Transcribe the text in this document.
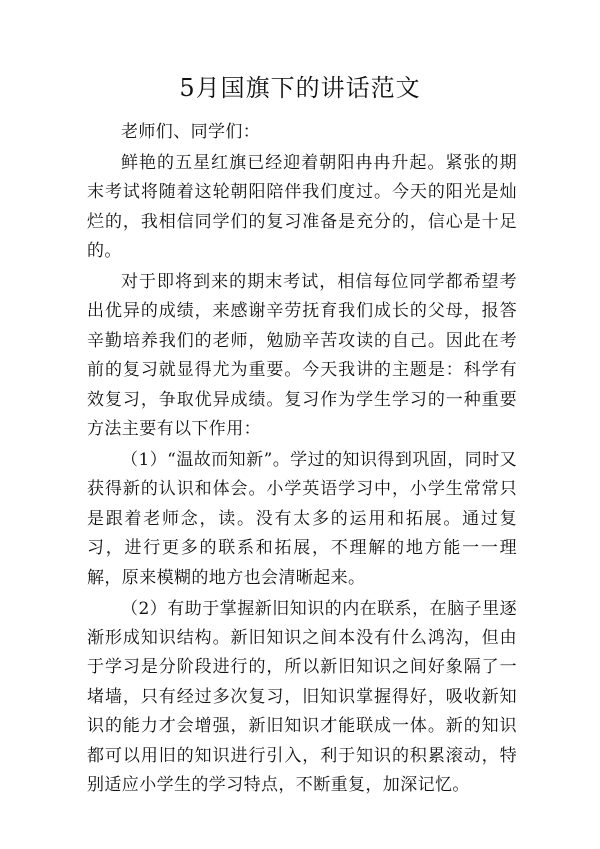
5月国旗下的讲话范文

老师们、同学们：

鲜艳的五星红旗已经迎着朝阳冉冉升起。紧张的期末考试将随着这轮朝阳陪伴我们度过。今天的阳光是灿烂的，我相信同学们的复习准备是充分的，信心是十足的。

对于即将到来的期末考试，相信每位同学都希望考出优异的成绩，来感谢辛劳抚育我们成长的父母，报答辛勤培养我们的老师，勉励辛苦攻读的自己。因此在考前的复习就显得尤为重要。今天我讲的主题是：科学有效复习，争取优异成绩。复习作为学生学习的一种重要方法主要有以下作用：

（1）“温故而知新”。学过的知识得到巩固，同时又获得新的认识和体会。小学英语学习中，小学生常常只是跟着老师念，读。没有太多的运用和拓展。通过复习，进行更多的联系和拓展，不理解的地方能一一理解，原来模糊的地方也会清晰起来。

（2）有助于掌握新旧知识的内在联系，在脑子里逐渐形成知识结构。新旧知识之间本没有什么鸿沟，但由于学习是分阶段进行的，所以新旧知识之间好象隔了一堵墙，只有经过多次复习，旧知识掌握得好，吸收新知识的能力才会增强，新旧知识才能联成一体。新的知识都可以用旧的知识进行引入，利于知识的积累滚动，特别适应小学生的学习特点，不断重复，加深记忆。
